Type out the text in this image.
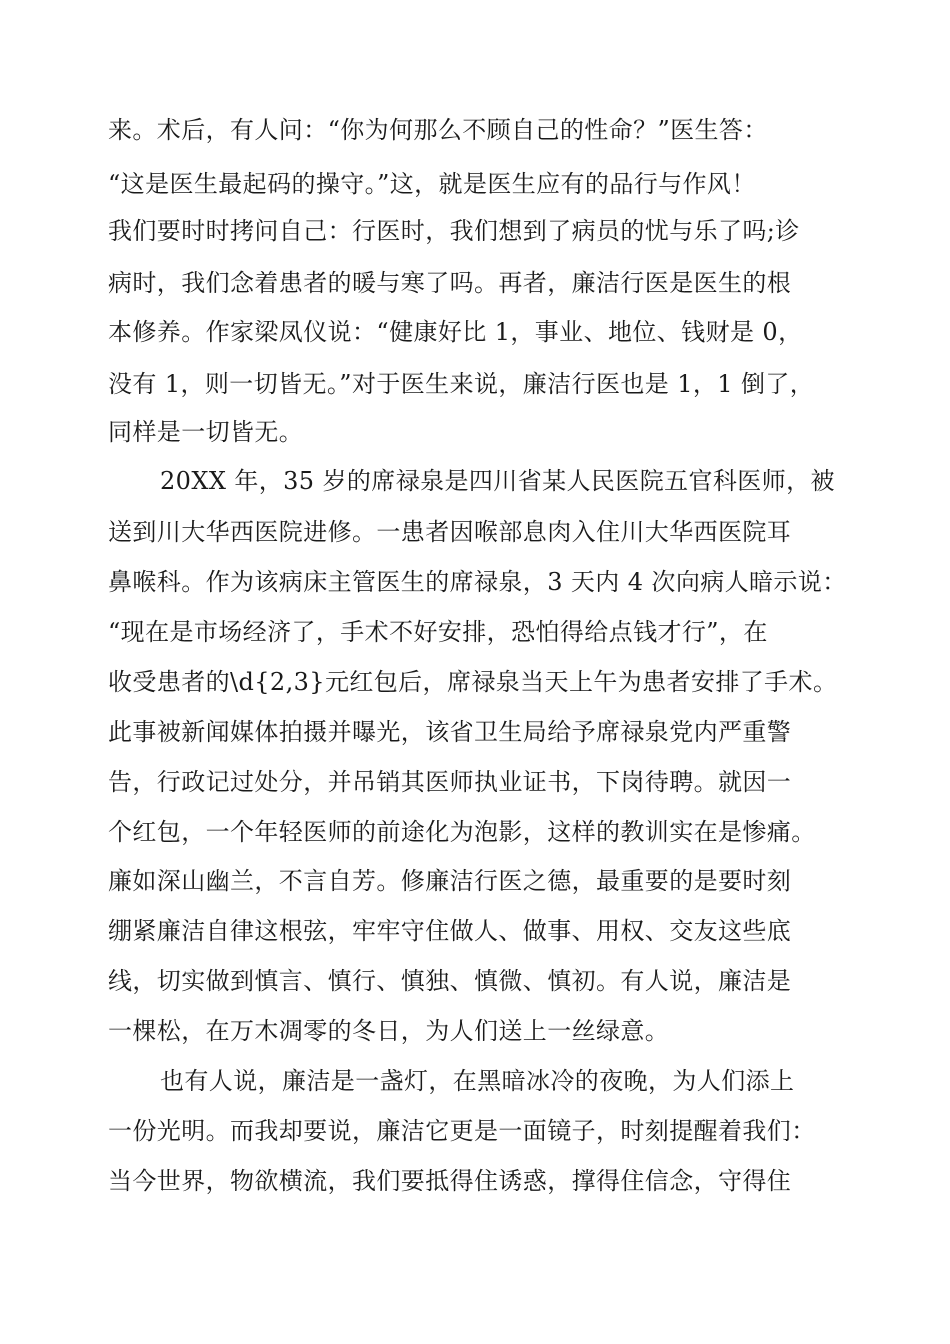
来。术后，有人问：“你为何那么不顾自己的性命？”医生答：
“这是医生最起码的操守。”这，就是医生应有的品行与作风！
我们要时时拷问自己：行医时，我们想到了病员的忧与乐了吗;诊
病时，我们念着患者的暖与寒了吗。再者，廉洁行医是医生的根
本修养。作家梁凤仪说：“健康好比 1，事业、地位、钱财是 0，
没有 1，则一切皆无。”对于医生来说，廉洁行医也是 1，1 倒了，
同样是一切皆无。
20XX 年，35 岁的席禄泉是四川省某人民医院五官科医师，被
送到川大华西医院进修。一患者因喉部息肉入住川大华西医院耳
鼻喉科。作为该病床主管医生的席禄泉，3 天内 4 次向病人暗示说：
“现在是市场经济了，手术不好安排，恐怕得给点钱才行”，在
收受患者的\d{2,3}元红包后，席禄泉当天上午为患者安排了手术。
此事被新闻媒体拍摄并曝光，该省卫生局给予席禄泉党内严重警
告，行政记过处分，并吊销其医师执业证书，下岗待聘。就因一
个红包，一个年轻医师的前途化为泡影，这样的教训实在是惨痛。
廉如深山幽兰，不言自芳。修廉洁行医之德，最重要的是要时刻
绷紧廉洁自律这根弦，牢牢守住做人、做事、用权、交友这些底
线，切实做到慎言、慎行、慎独、慎微、慎初。有人说，廉洁是
一棵松，在万木凋零的冬日，为人们送上一丝绿意。
也有人说，廉洁是一盏灯，在黑暗冰冷的夜晚，为人们添上
一份光明。而我却要说，廉洁它更是一面镜子，时刻提醒着我们：
当今世界，物欲横流，我们要抵得住诱惑，撑得住信念，守得住
